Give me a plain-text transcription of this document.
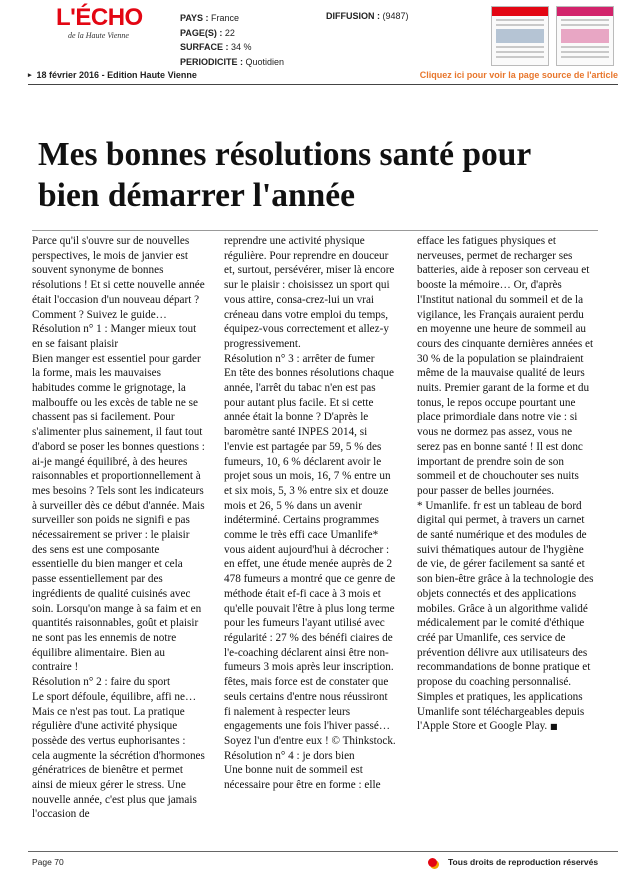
L'ÉCHO
de la Haute Vienne
PAYS : France
PAGE(S) : 22
SURFACE : 34 %
PERIODICITE : Quotidien
DIFFUSION : (9487)
▸ 18 février 2016 - Edition Haute Vienne	Cliquez ici pour voir la page source de l'article
Mes bonnes résolutions santé pour bien démarrer l'année

Parce qu'il s'ouvre sur de nouvelles perspectives, le mois de janvier est souvent synonyme de bonnes résolutions ! Et si cette nouvelle année était l'occasion d'un nouveau départ ? Comment ? Suivez le guide…

Résolution n° 1 : Manger mieux tout en se faisant plaisir

Bien manger est essentiel pour garder la forme, mais les mauvaises habitudes comme le grignotage, la malbouffe ou les excès de table ne se chassent pas si facilement. Pour s'alimenter plus sainement, il faut tout d'abord se poser les bonnes questions : ai-je mangé équilibré, à des heures raisonnables et proportionnellement à mes besoins ? Tels sont les indicateurs à surveiller dès ce début d'année. Mais surveiller son poids ne signifi e pas nécessairement se priver : le plaisir des sens est une composante essentielle du bien manger et cela passe essentiellement par des ingrédients de qualité cuisinés avec soin. Lorsqu'on mange à sa faim et en quantités raisonnables, goût et plaisir ne sont pas les ennemis de notre équilibre alimentaire. Bien au contraire !

Résolution n° 2 : faire du sport

Le sport défoule, équilibre, affi ne… Mais ce n'est pas tout. La pratique régulière d'une activité physique possède des vertus euphorisantes : cela augmente la sécrétion d'hormones génératrices de bienêtre et permet ainsi de mieux gérer le stress. Une nouvelle année, c'est plus que jamais l'occasion de

reprendre une activité physique régulière. Pour reprendre en douceur et, surtout, persévérer, miser là encore sur le plaisir : choisissez un sport qui vous attire, consa-crez-lui un vrai créneau dans votre emploi du temps, équipez-vous correctement et allez-y progressivement.

Résolution n° 3 : arrêter de fumer

En tête des bonnes résolutions chaque année, l'arrêt du tabac n'en est pas pour autant plus facile. Et si cette année était la bonne ? D'après le baromètre santé INPES 2014, si l'envie est partagée par 59, 5 % des fumeurs, 10, 6 % déclarent avoir le projet sous un mois, 16, 7 % entre un et six mois, 5, 3 % entre six et douze mois et 26, 5 % dans un avenir indéterminé. Certains programmes comme le très effi cace Umanlife* vous aident aujourd'hui à décrocher : en effet, une étude menée auprès de 2 478 fumeurs a montré que ce genre de méthode était ef-fi cace à 3 mois et qu'elle pouvait l'être à plus long terme pour les fumeurs l'ayant utilisé avec régularité : 27 % des bénéfi ciaires de l'e-coaching déclarent ainsi être non-fumeurs 3 mois après leur inscription.

fêtes, mais force est de constater que seuls certains d'entre nous réussiront fi nalement à respecter leurs engagements une fois l'hiver passé… Soyez l'un d'entre eux ! © Thinkstock.

Résolution n° 4 : je dors bien

Une bonne nuit de sommeil est nécessaire pour être en forme : elle

efface les fatigues physiques et nerveuses, permet de recharger ses batteries, aide à reposer son cerveau et booste la mémoire… Or, d'après l'Institut national du sommeil et de la vigilance, les Français auraient perdu en moyenne une heure de sommeil au cours des cinquante dernières années et 30 % de la population se plaindraient même de la mauvaise qualité de leurs nuits. Premier garant de la forme et du tonus, le repos occupe pourtant une place primordiale dans notre vie : si vous ne dormez pas assez, vous ne serez pas en bonne santé ! Il est donc important de prendre soin de son sommeil et de chouchouter ses nuits pour passer de belles journées.

* Umanlife. fr est un tableau de bord digital qui permet, à travers un carnet de santé numérique et des modules de suivi thématiques autour de l'hygiène de vie, de gérer facilement sa santé et son bien-être grâce à la technologie des objets connectés et des applications mobiles. Grâce à un algorithme validé médicalement par le comité d'éthique créé par Umanlife, ces service de prévention délivre aux utilisateurs des recommandations de bonne pratique et propose du coaching personnalisé. Simples et pratiques, les applications Umanlife sont téléchargeables depuis l'Apple Store et Google Play. ■

Page 70	Tous droits de reproduction réservés
